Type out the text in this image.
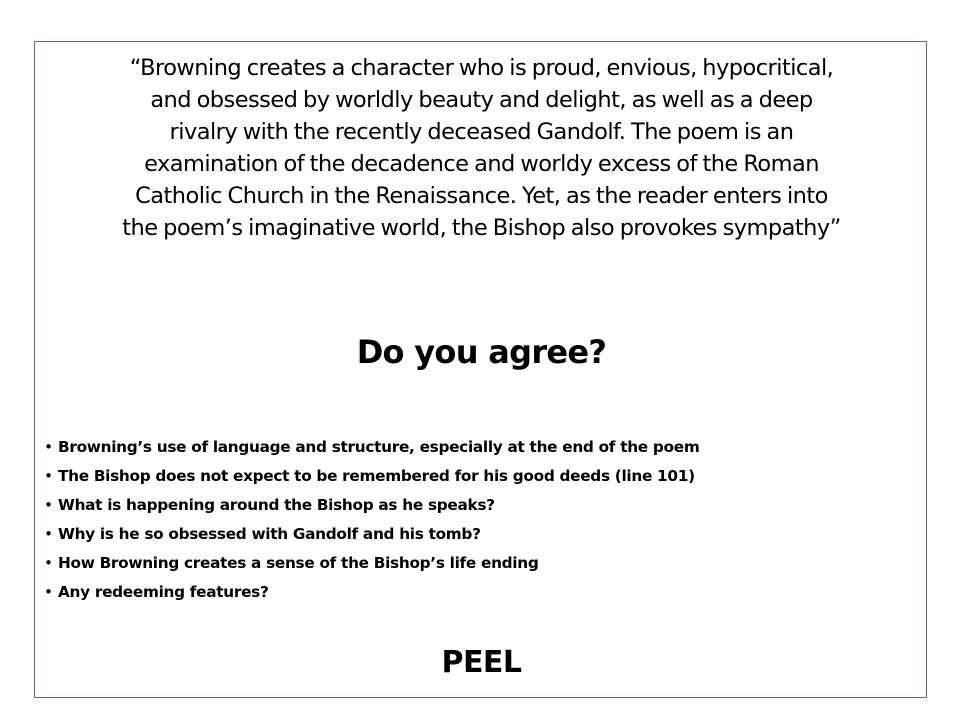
“Browning creates a character who is proud, envious, hypocritical,
and obsessed by worldly beauty and delight, as well as a deep
rivalry with the recently deceased Gandolf. The poem is an
examination of the decadence and worldy excess of the Roman
Catholic Church in the Renaissance. Yet, as the reader enters into
the poem’s imaginative world, the Bishop also provokes sympathy”
Do you agree?
• Browning’s use of language and structure, especially at the end of the poem
• The Bishop does not expect to be remembered for his good deeds (line 101)
• What is happening around the Bishop as he speaks?
• Why is he so obsessed with Gandolf and his tomb?
• How Browning creates a sense of the Bishop’s life ending
• Any redeeming features?
PEEL
